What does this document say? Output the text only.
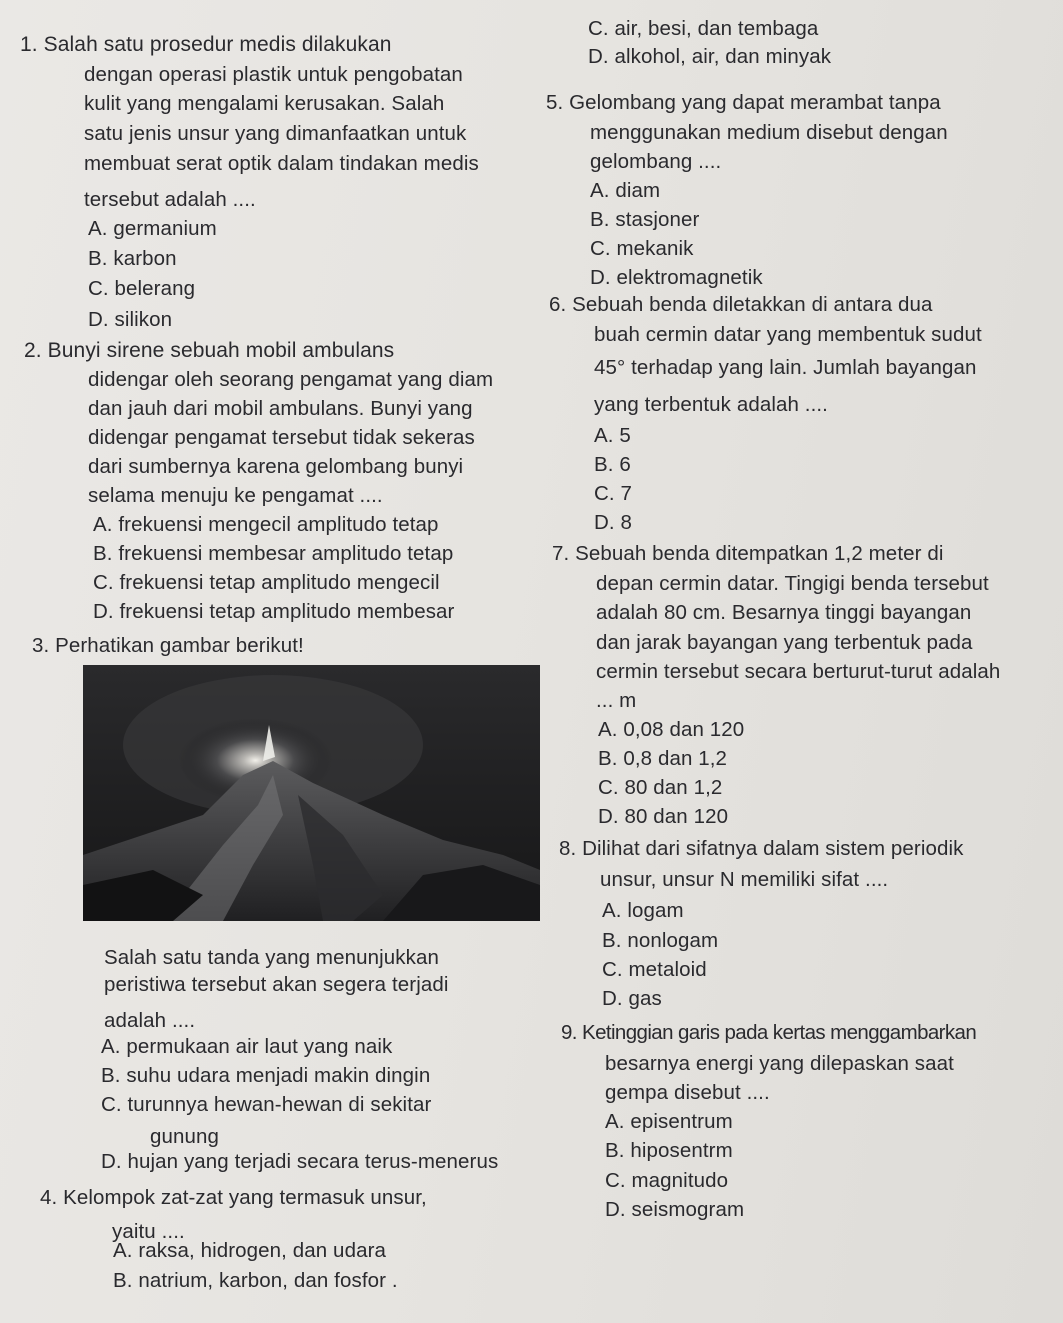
1. Salah satu prosedur medis dilakukan
dengan operasi plastik untuk pengobatan
kulit yang mengalami kerusakan. Salah
satu jenis unsur yang dimanfaatkan untuk
membuat serat optik dalam tindakan medis
tersebut adalah ....
A. germanium
B. karbon
C. belerang
D. silikon
2. Bunyi sirene sebuah mobil ambulans
didengar oleh seorang pengamat yang diam
dan jauh dari mobil ambulans. Bunyi yang
didengar pengamat tersebut tidak sekeras
dari sumbernya karena gelombang bunyi
selama menuju ke pengamat ....
A. frekuensi mengecil amplitudo tetap
B. frekuensi membesar amplitudo tetap
C. frekuensi tetap amplitudo mengecil
D. frekuensi tetap amplitudo membesar
3. Perhatikan gambar berikut!
Salah satu tanda yang menunjukkan
peristiwa tersebut akan segera terjadi
adalah ....
A. permukaan air laut yang naik
B. suhu udara menjadi makin dingin
C. turunnya hewan-hewan di sekitar
gunung
D. hujan yang terjadi secara terus-menerus
4. Kelompok zat-zat yang termasuk unsur,
yaitu ....
A. raksa, hidrogen, dan udara
B. natrium, karbon, dan fosfor .
C. air, besi, dan tembaga
D. alkohol, air, dan minyak
5. Gelombang yang dapat merambat tanpa
menggunakan medium disebut dengan
gelombang ....
A. diam
B. stasjoner
C. mekanik
D. elektromagnetik
6. Sebuah benda diletakkan di antara dua
buah cermin datar yang membentuk sudut
45° terhadap yang lain. Jumlah bayangan
yang terbentuk adalah ....
A. 5
B. 6
C. 7
D. 8
7. Sebuah benda ditempatkan 1,2 meter di
depan cermin datar. Tingigi benda tersebut
adalah 80 cm. Besarnya tinggi bayangan
dan jarak bayangan yang terbentuk pada
cermin tersebut secara berturut-turut adalah
... m
A. 0,08 dan 120
B. 0,8 dan 1,2
C. 80 dan 1,2
D. 80 dan 120
8. Dilihat dari sifatnya dalam sistem periodik
unsur, unsur N memiliki sifat ....
A. logam
B. nonlogam
C. metaloid
D. gas
9. Ketinggian garis pada kertas menggambarkan
besarnya energi yang dilepaskan saat
gempa disebut ....
A. episentrum
B. hiposentrm
C. magnitudo
D. seismogram
